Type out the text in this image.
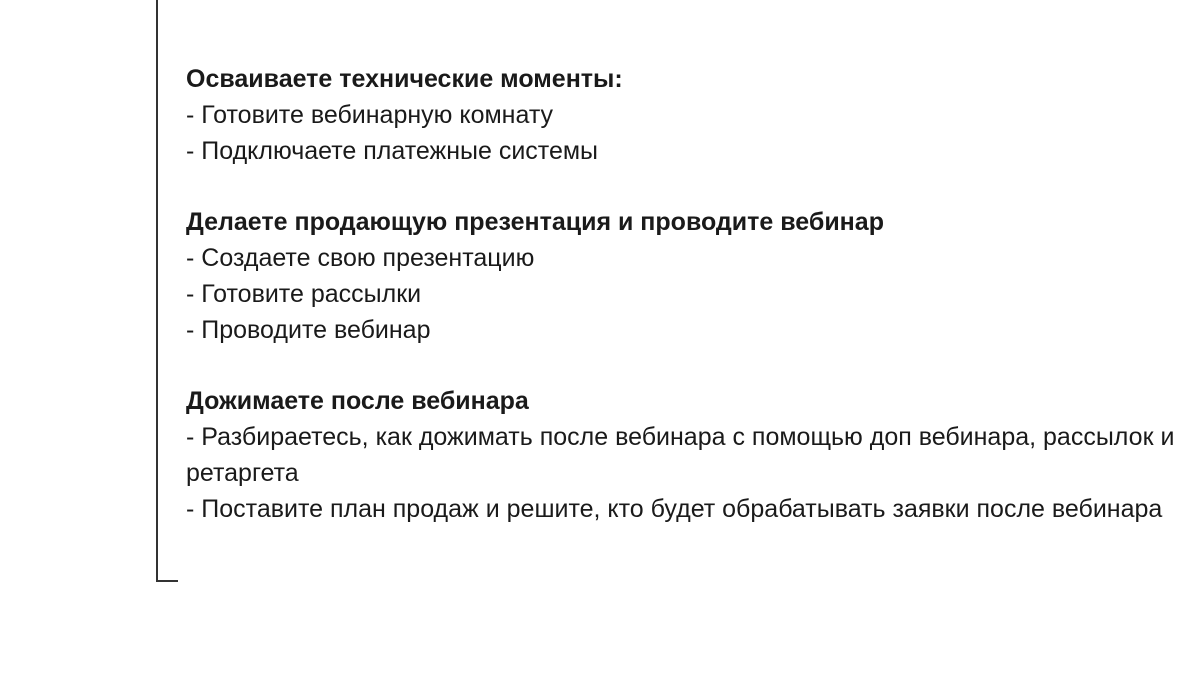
Осваиваете технические моменты:

- Готовите вебинарную комнату

- Подключаете платежные системы

Делаете продающую презентация и проводите вебинар

- Создаете свою презентацию

- Готовите рассылки

- Проводите вебинар

Дожимаете после вебинара

- Разбираетесь, как дожимать после вебинара с помощью доп вебинара, рассылок и ретаргета

- Поставите план продаж и решите, кто будет обрабатывать заявки после вебинара
